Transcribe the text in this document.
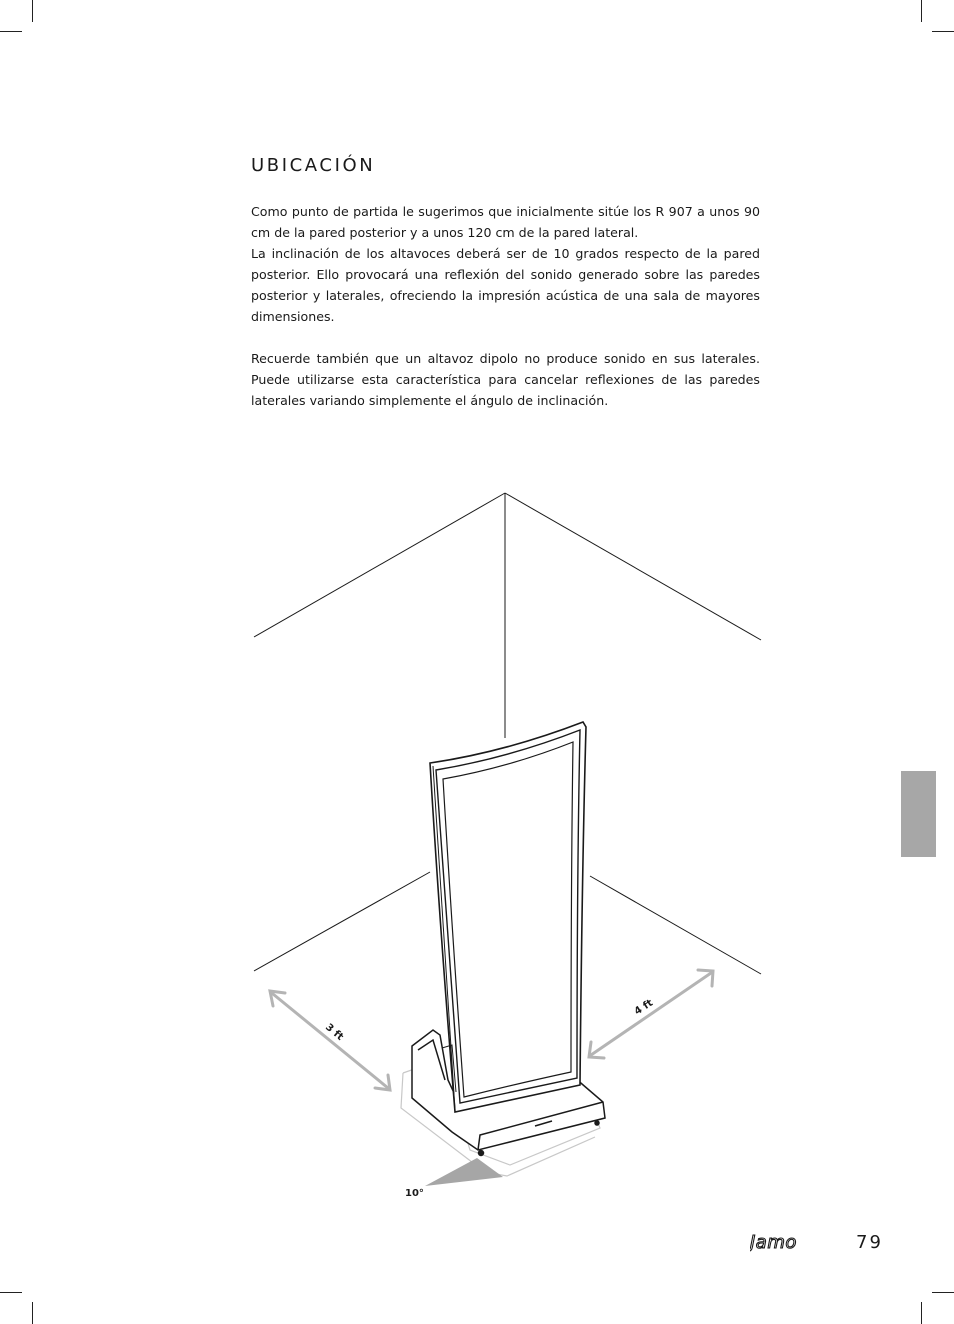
UBICACIÓN

Como punto de partida le sugerimos que inicialmente sitúe los R 907 a unos 90 cm de la pared posterior y a unos 120 cm de la pared lateral.
La inclinación de los altavoces deberá ser de 10 grados respecto de la pared posterior. Ello provocará una reflexión del sonido generado sobre las paredes posterior y laterales, ofreciendo la impresión acústica de una sala de mayores dimensiones.

Recuerde también que un altavoz dipolo no produce sonido en sus laterales. Puede utilizarse esta característica para cancelar reflexiones de las paredes laterales variando simplemente el ángulo de inclinación.

3 ft
4 ft
10°
Jamo	79
